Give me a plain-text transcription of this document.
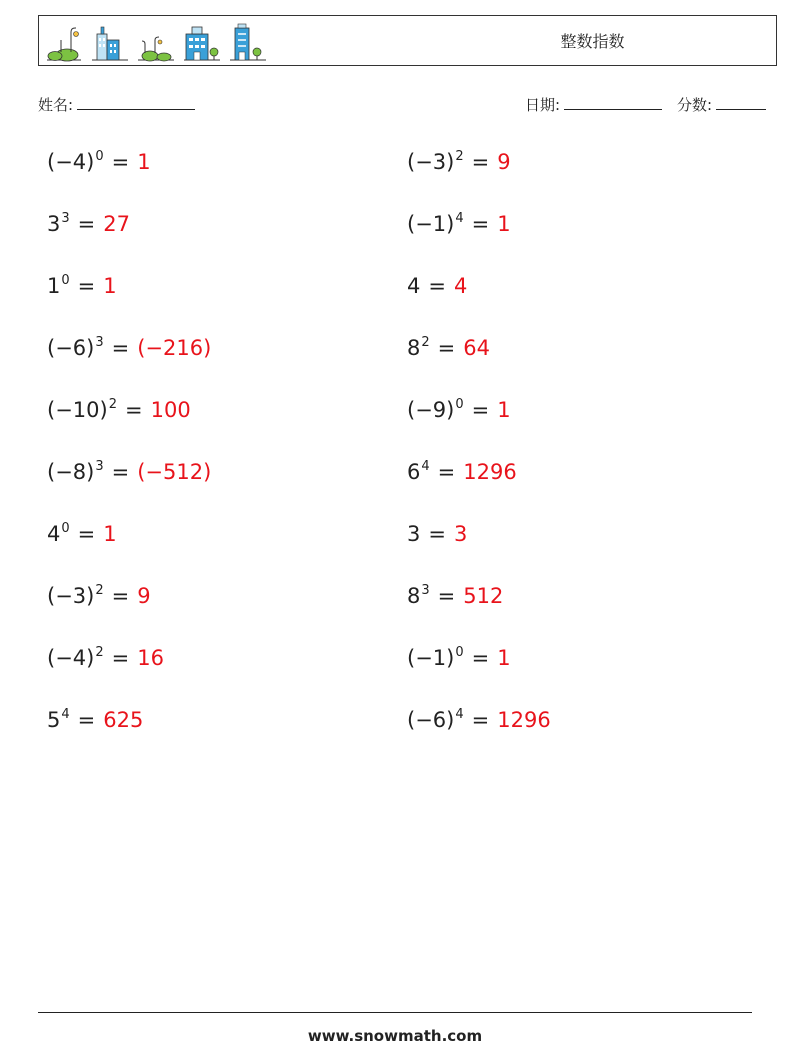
整数指数
姓名:	日期:	分数:
$(-4)^0 = 1$	$(-3)^2 = 9$
$3^3 = 27$	$(-1)^4 = 1$
$1^0 = 1$	4 = 4
$(-6)^3 = (-216)$	$8^2 = 64$
$(-10)^2 = 100$	$(-9)^0 = 1$
$(-8)^3 = (-512)$	$6^4 = 1296$
$4^0 = 1$	3 = 3
$(-3)^2 = 9$	$8^3 = 512$
$(-4)^2 = 16$	$(-1)^0 = 1$
$5^4 = 625$	$(-6)^4 = 1296$
www.snowmath.com
